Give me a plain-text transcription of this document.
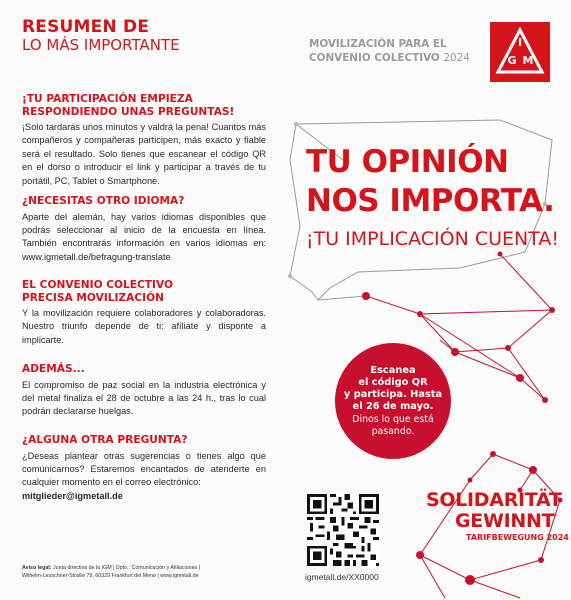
RESUMEN DE
LO MÁS IMPORTANTE
¡TU PARTICIPACIÓN EMPIEZA
RESPONDIENDO UNAS PREGUNTAS!
¡Solo tardarás unos minutos y valdrá la pena! Cuantos más compañeros y compañeras participen, más exacto y fiable será el resultado. Solo tienes que escanear el código QR en el dorso o introducir el link y participar a través de tu portátil, PC, Tablet o Smartphone.
¿NECESITAS OTRO IDIOMA?
Aparte del alemán, hay varios idiomas disponibles que podrás seleccionar al inicio de la encuesta en línea. También encontrarás información en varios idiomas en: www.igmetall.de/befragung-translate
EL CONVENIO COLECTIVO
PRECISA MOVILIZACIÓN
Y la movilización requiere colaboradores y colaboradoras. Nuestro triunfo depende de ti: afíliate y disponte a implicarte.
ADEMÁS...
El compromiso de paz social en la industria electrónica y del metal finaliza el 28 de octubre a las 24 h., tras lo cual podrán declararse huelgas.
¿ALGUNA OTRA PREGUNTA?
¿Deseas plantear otras sugerencias o tienes algo que comunicarnos? Estaremos encantados de atenderte en cualquier momento en el correo electrónico:
mitglieder@igmetall.de
Aviso legal: Junta directiva de la IGM | Dpto.: Comunicación y Afiliaciones |
Wilhelm-Leuschner-Straße 79, 60329 Frankfurt del Meno | www.igmetall.de
MOVILIZACIÓN PARA EL
CONVENIO COLECTIVO 2024
I
G M
TU OPINIÓN
NOS IMPORTA.
¡TU IMPLICACIÓN CUENTA!
Escanea
el código QR
y participa. Hasta
el 26 de mayo.
Dinos lo que está
pasando.
igmetall.de/XX0000
SOLIDARITÄT
GEWINNT
TARIFBEWEGUNG 2024
